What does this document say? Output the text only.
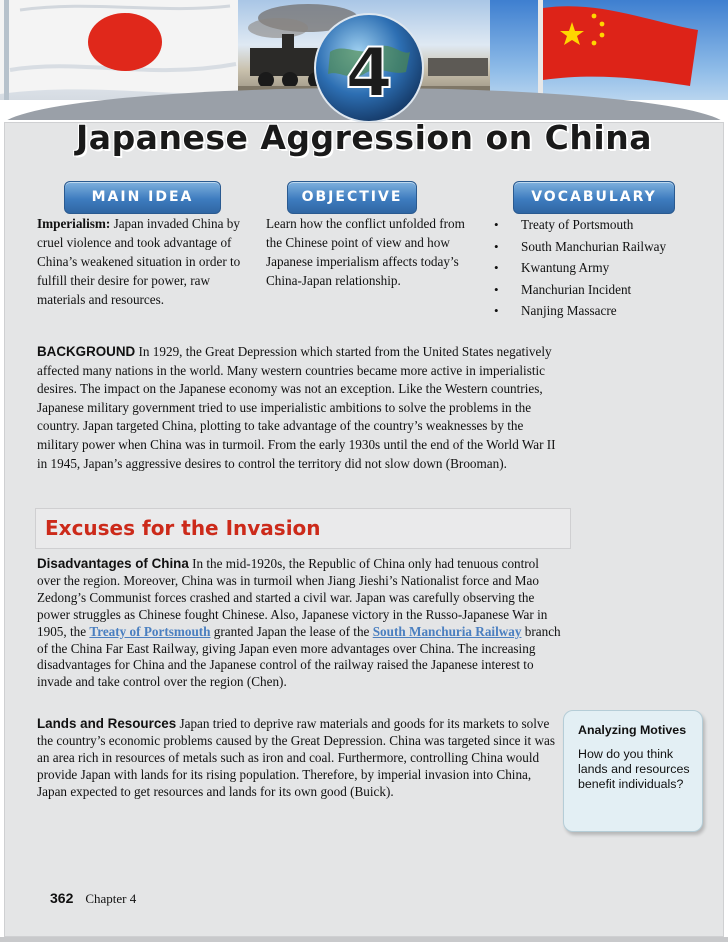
4
Japanese Aggression on China
MAIN IDEA	OBJECTIVE	VOCABULARY
Imperialism: Japan invaded China by cruel violence and took advantage of China’s weakened situation in order to fulfill their desire for power, raw materials and resources.
Learn how the conflict unfolded from the Chinese point of view and how Japanese imperialism affects today’s China-Japan relationship.
• Treaty of Portsmouth
• South Manchurian Railway
• Kwantung Army
• Manchurian Incident
• Nanjing Massacre
BACKGROUND In 1929, the Great Depression which started from the United States negatively affected many nations in the world. Many western countries became more active in imperialistic desires. The impact on the Japanese economy was not an exception. Like the Western countries, Japanese military government tried to use imperialistic ambitions to solve the problems in the country. Japan targeted China, plotting to take advantage of the country’s weaknesses by the military power when China was in turmoil. From the early 1930s until the end of the World War II in 1945, Japan’s aggressive desires to control the territory did not slow down (Brooman).
Excuses for the Invasion
Disadvantages of China In the mid-1920s, the Republic of China only had tenuous control over the region. Moreover, China was in turmoil when Jiang Jieshi’s Nationalist force and Mao Zedong’s Communist forces crashed and started a civil war. Japan was carefully observing the power struggles as Chinese fought Chinese. Also, Japanese victory in the Russo-Japanese War in 1905, the Treaty of Portsmouth granted Japan the lease of the South Manchuria Railway branch of the China Far East Railway, giving Japan even more advantages over China. The increasing disadvantages for China and the Japanese control of the railway raised the Japanese interest to invade and take control over the region (Chen).
Lands and Resources Japan tried to deprive raw materials and goods for its markets to solve the country’s economic problems caused by the Great Depression. China was targeted since it was an area rich in resources of metals such as iron and coal. Furthermore, controlling China would provide Japan with lands for its rising population. Therefore, by imperial invasion into China, Japan expected to get resources and lands for its own good (Buick).
Analyzing Motives
How do you think lands and resources benefit individuals?
362 Chapter 4
